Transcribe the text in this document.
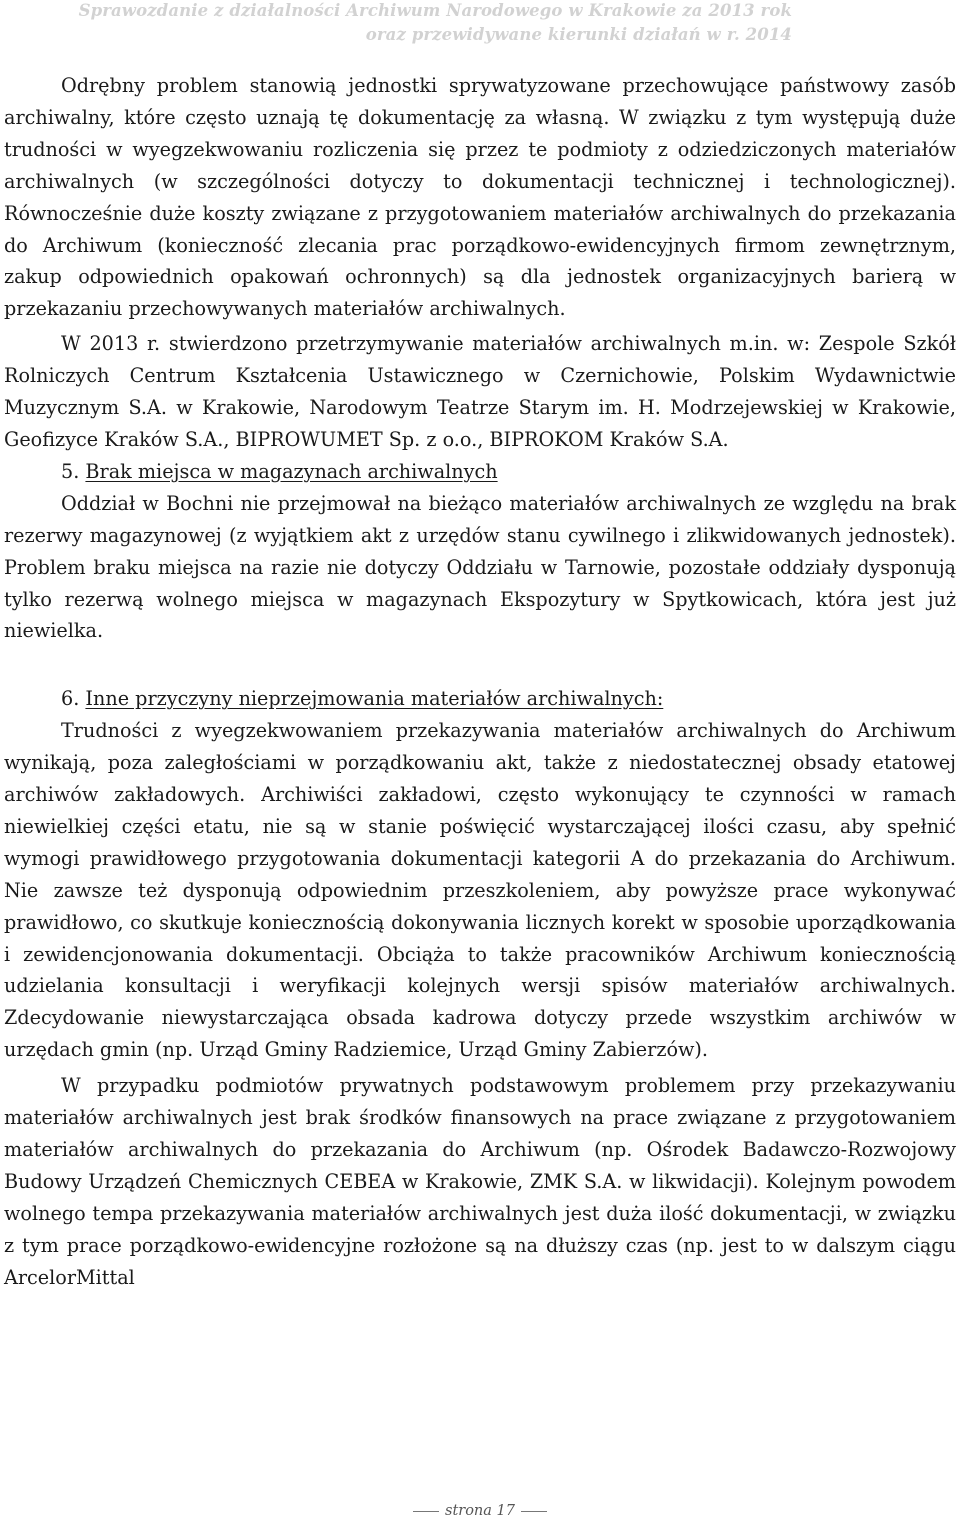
Sprawozdanie z działalności Archiwum Narodowego w Krakowie za 2013 rok
oraz przewidywane kierunki działań w r. 2014

Odrębny problem stanowią jednostki sprywatyzowane przechowujące państwowy zasób archiwalny, które często uznają tę dokumentację za własną. W związku z tym występują duże trudności w wyegzekwowaniu rozliczenia się przez te podmioty z odziedziczonych materiałów archiwalnych (w szczególności dotyczy to dokumentacji technicznej i technologicznej). Równocześnie duże koszty związane z przygotowaniem materiałów archiwalnych do przekazania do Archiwum (konieczność zlecania prac porządkowo-ewidencyjnych firmom zewnętrznym, zakup odpowiednich opakowań ochronnych) są dla jednostek organizacyjnych barierą w przekazaniu przechowywanych materiałów archiwalnych.

W 2013 r. stwierdzono przetrzymywanie materiałów archiwalnych m.in. w: Zespole Szkół Rolniczych Centrum Kształcenia Ustawicznego w Czernichowie, Polskim Wydawnictwie Muzycznym S.A. w Krakowie, Narodowym Teatrze Starym im. H. Modrzejewskiej w Krakowie, Geofizyce Kraków S.A., BIPROWUMET Sp. z o.o., BIPROKOM Kraków S.A.

5. Brak miejsca w magazynach archiwalnych

Oddział w Bochni nie przejmował na bieżąco materiałów archiwalnych ze względu na brak rezerwy magazynowej (z wyjątkiem akt z urzędów stanu cywilnego i zlikwidowanych jednostek). Problem braku miejsca na razie nie dotyczy Oddziału w Tarnowie, pozostałe oddziały dysponują tylko rezerwą wolnego miejsca w magazynach Ekspozytury w Spytkowicach, która jest już niewielka.

6. Inne przyczyny nieprzejmowania materiałów archiwalnych:

Trudności z wyegzekwowaniem przekazywania materiałów archiwalnych do Archiwum wynikają, poza zaległościami w porządkowaniu akt, także z niedostatecznej obsady etatowej archiwów zakładowych. Archiwiści zakładowi, często wykonujący te czynności w ramach niewielkiej części etatu, nie są w stanie poświęcić wystarczającej ilości czasu, aby spełnić wymogi prawidłowego przygotowania dokumentacji kategorii A do przekazania do Archiwum. Nie zawsze też dysponują odpowiednim przeszkoleniem, aby powyższe prace wykonywać prawidłowo, co skutkuje koniecznością dokonywania licznych korekt w sposobie uporządkowania i zewidencjonowania dokumentacji. Obciąża to także pracowników Archiwum koniecznością udzielania konsultacji i weryfikacji kolejnych wersji spisów materiałów archiwalnych. Zdecydowanie niewystarczająca obsada kadrowa dotyczy przede wszystkim archiwów w urzędach gmin (np. Urząd Gminy Radziemice, Urząd Gminy Zabierzów).

W przypadku podmiotów prywatnych podstawowym problemem przy przekazywaniu materiałów archiwalnych jest brak środków finansowych na prace związane z przygotowaniem materiałów archiwalnych do przekazania do Archiwum (np. Ośrodek Badawczo-Rozwojowy Budowy Urządzeń Chemicznych CEBEA w Krakowie, ZMK S.A. w likwidacji). Kolejnym powodem wolnego tempa przekazywania materiałów archiwalnych jest duża ilość dokumentacji, w związku z tym prace porządkowo-ewidencyjne rozłożone są na dłuższy czas (np. jest to w dalszym ciągu ArcelorMittal

strona 17
